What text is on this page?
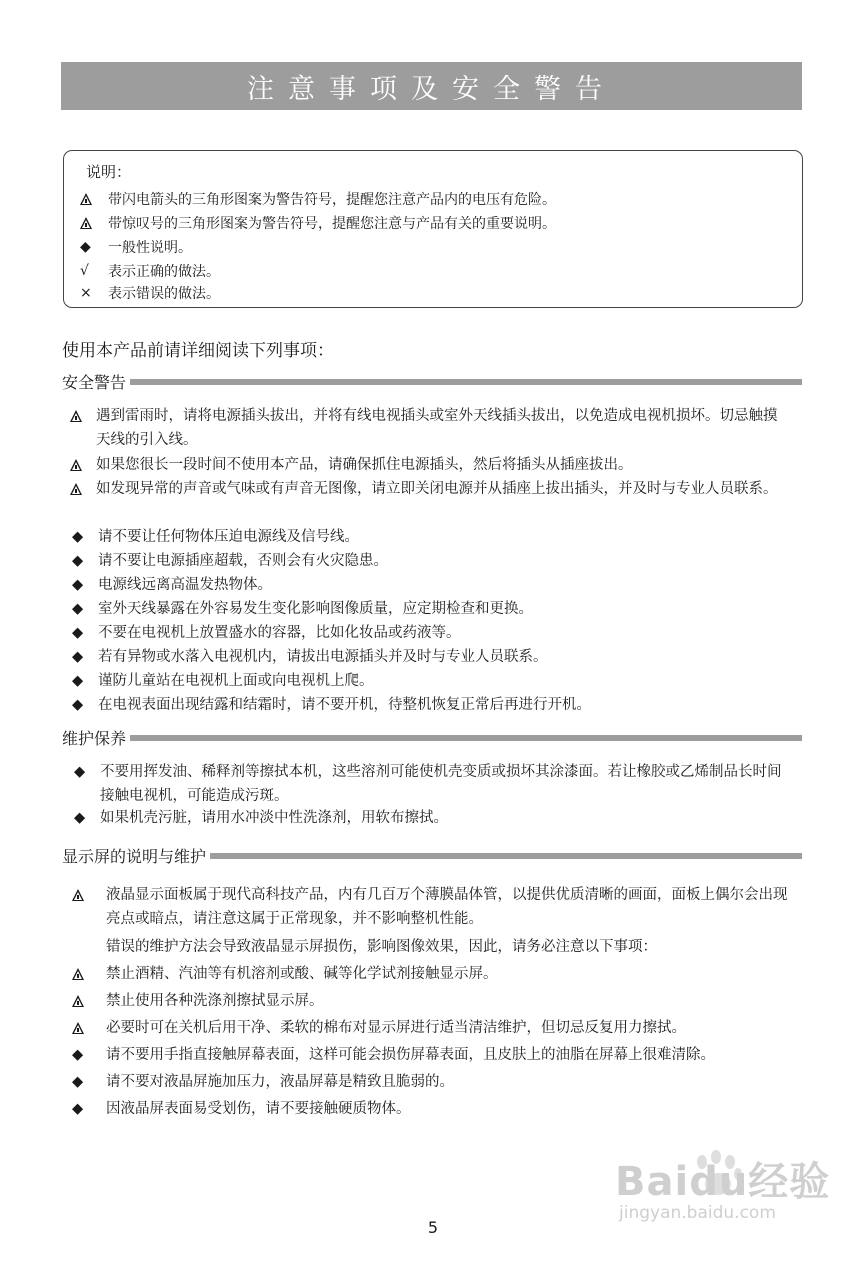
注意事项及安全警告
说明：
带闪电箭头的三角形图案为警告符号，提醒您注意产品内的电压有危险。
带惊叹号的三角形图案为警告符号，提醒您注意与产品有关的重要说明。
◆	一般性说明。
√	表示正确的做法。
×	表示错误的做法。
使用本产品前请详细阅读下列事项：
安全警告
遇到雷雨时，请将电源插头拔出，并将有线电视插头或室外天线插头拔出，以免造成电视机损坏。切忌触摸天线的引入线。
如果您很长一段时间不使用本产品，请确保抓住电源插头，然后将插头从插座拔出。
如发现异常的声音或气味或有声音无图像，请立即关闭电源并从插座上拔出插头，并及时与专业人员联系。
◆	请不要让任何物体压迫电源线及信号线。
◆	请不要让电源插座超载，否则会有火灾隐患。
◆	电源线远离高温发热物体。
◆	室外天线暴露在外容易发生变化影响图像质量，应定期检查和更换。
◆	不要在电视机上放置盛水的容器，比如化妆品或药液等。
◆	若有异物或水落入电视机内，请拔出电源插头并及时与专业人员联系。
◆	谨防儿童站在电视机上面或向电视机上爬。
◆	在电视表面出现结露和结霜时，请不要开机，待整机恢复正常后再进行开机。
维护保养
◆	不要用挥发油、稀释剂等擦拭本机，这些溶剂可能使机壳变质或损坏其涂漆面。若让橡胶或乙烯制品长时间接触电视机，可能造成污斑。
◆	如果机壳污脏，请用水冲淡中性洗涤剂，用软布擦拭。
显示屏的说明与维护
液晶显示面板属于现代高科技产品，内有几百万个薄膜晶体管，以提供优质清晰的画面，面板上偶尔会出现亮点或暗点，请注意这属于正常现象，并不影响整机性能。
错误的维护方法会导致液晶显示屏损伤，影响图像效果，因此，请务必注意以下事项：
禁止酒精、汽油等有机溶剂或酸、碱等化学试剂接触显示屏。
禁止使用各种洗涤剂擦拭显示屏。
必要时可在关机后用干净、柔软的棉布对显示屏进行适当清洁维护，但切忌反复用力擦拭。
◆	请不要用手指直接触屏幕表面，这样可能会损伤屏幕表面，且皮肤上的油脂在屏幕上很难清除。
◆	请不要对液晶屏施加压力，液晶屏幕是精致且脆弱的。
◆	因液晶屏表面易受划伤，请不要接触硬质物体。
Baidu经验
jingyan.baidu.com
5
